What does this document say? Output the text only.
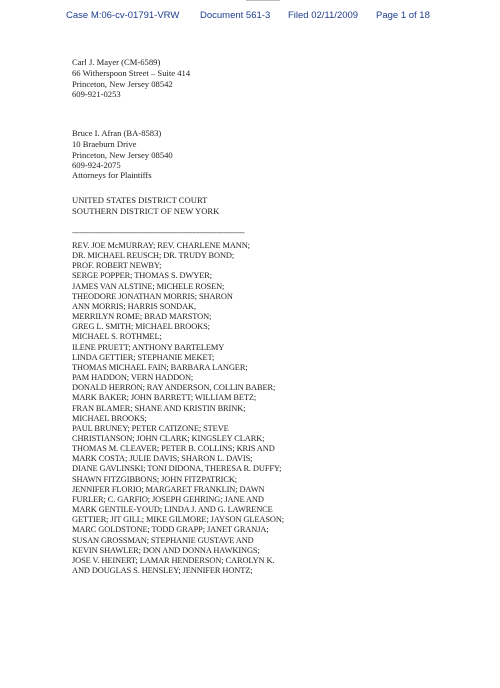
Case M:06-cv-01791-VRW Document 561-3 Filed 02/11/2009 Page 1 of 18
Carl J. Mayer (CM-6589)
66 Witherspoon Street – Suite 414
Princeton, New Jersey 08542
609-921-0253
Bruce I. Afran (BA-8583)
10 Braeburn Drive
Princeton, New Jersey 08540
609-924-2075
Attorneys for Plaintiffs
UNITED STATES DISTRICT COURT
SOUTHERN DISTRICT OF NEW YORK
-------------------------------------------------------------------------
REV. JOE McMURRAY; REV. CHARLENE MANN;
DR. MICHAEL REUSCH; DR. TRUDY BOND;
PROF. ROBERT NEWBY;
SERGE POPPER; THOMAS S. DWYER;
JAMES VAN ALSTINE; MICHELE ROSEN;
THEODORE JONATHAN MORRIS; SHARON
ANN MORRIS; HARRIS SONDAK,
MERRILYN ROME; BRAD MARSTON;
GREG L. SMITH; MICHAEL BROOKS;
MICHAEL S. ROTHMEL;
ILENE PRUETT; ANTHONY BARTELEMY
LINDA GETTIER; STEPHANIE MEKET;
THOMAS MICHAEL FAIN; BARBARA LANGER;
PAM HADDON; VERN HADDON;
DONALD HERRON; RAY ANDERSON, COLLIN BABER;
MARK BAKER; JOHN BARRETT; WILLIAM BETZ;
FRAN BLAMER; SHANE AND KRISTIN BRINK;
MICHAEL BROOKS;
PAUL BRUNEY; PETER CATIZONE; STEVE
CHRISTIANSON; JOHN CLARK; KINGSLEY CLARK;
THOMAS M. CLEAVER; PETER B. COLLINS; KRIS AND
MARK COSTA; JULIE DAVIS; SHARON L. DAVIS;
DIANE GAVLINSKI; TONI DIDONA, THERESA R. DUFFY;
SHAWN FITZGIBBONS; JOHN FITZPATRICK;
JENNIFER FLORIO; MARGARET FRANKLIN; DAWN
FURLER; C. GARFIO; JOSEPH GEHRING; JANE AND
MARK GENTILE-YOUD; LINDA J. AND G. LAWRENCE
GETTIER; JIT GILL; MIKE GILMORE; JAYSON GLEASON;
MARC GOLDSTONE; TODD GRAPP; JANET GRANJA;
SUSAN GROSSMAN; STEPHANIE GUSTAVE AND
KEVIN SHAWLER; DON AND DONNA HAWKINGS;
JOSE V. HEINERT; LAMAR HENDERSON; CAROLYN K.
AND DOUGLAS S. HENSLEY; JENNIFER HONTZ;
